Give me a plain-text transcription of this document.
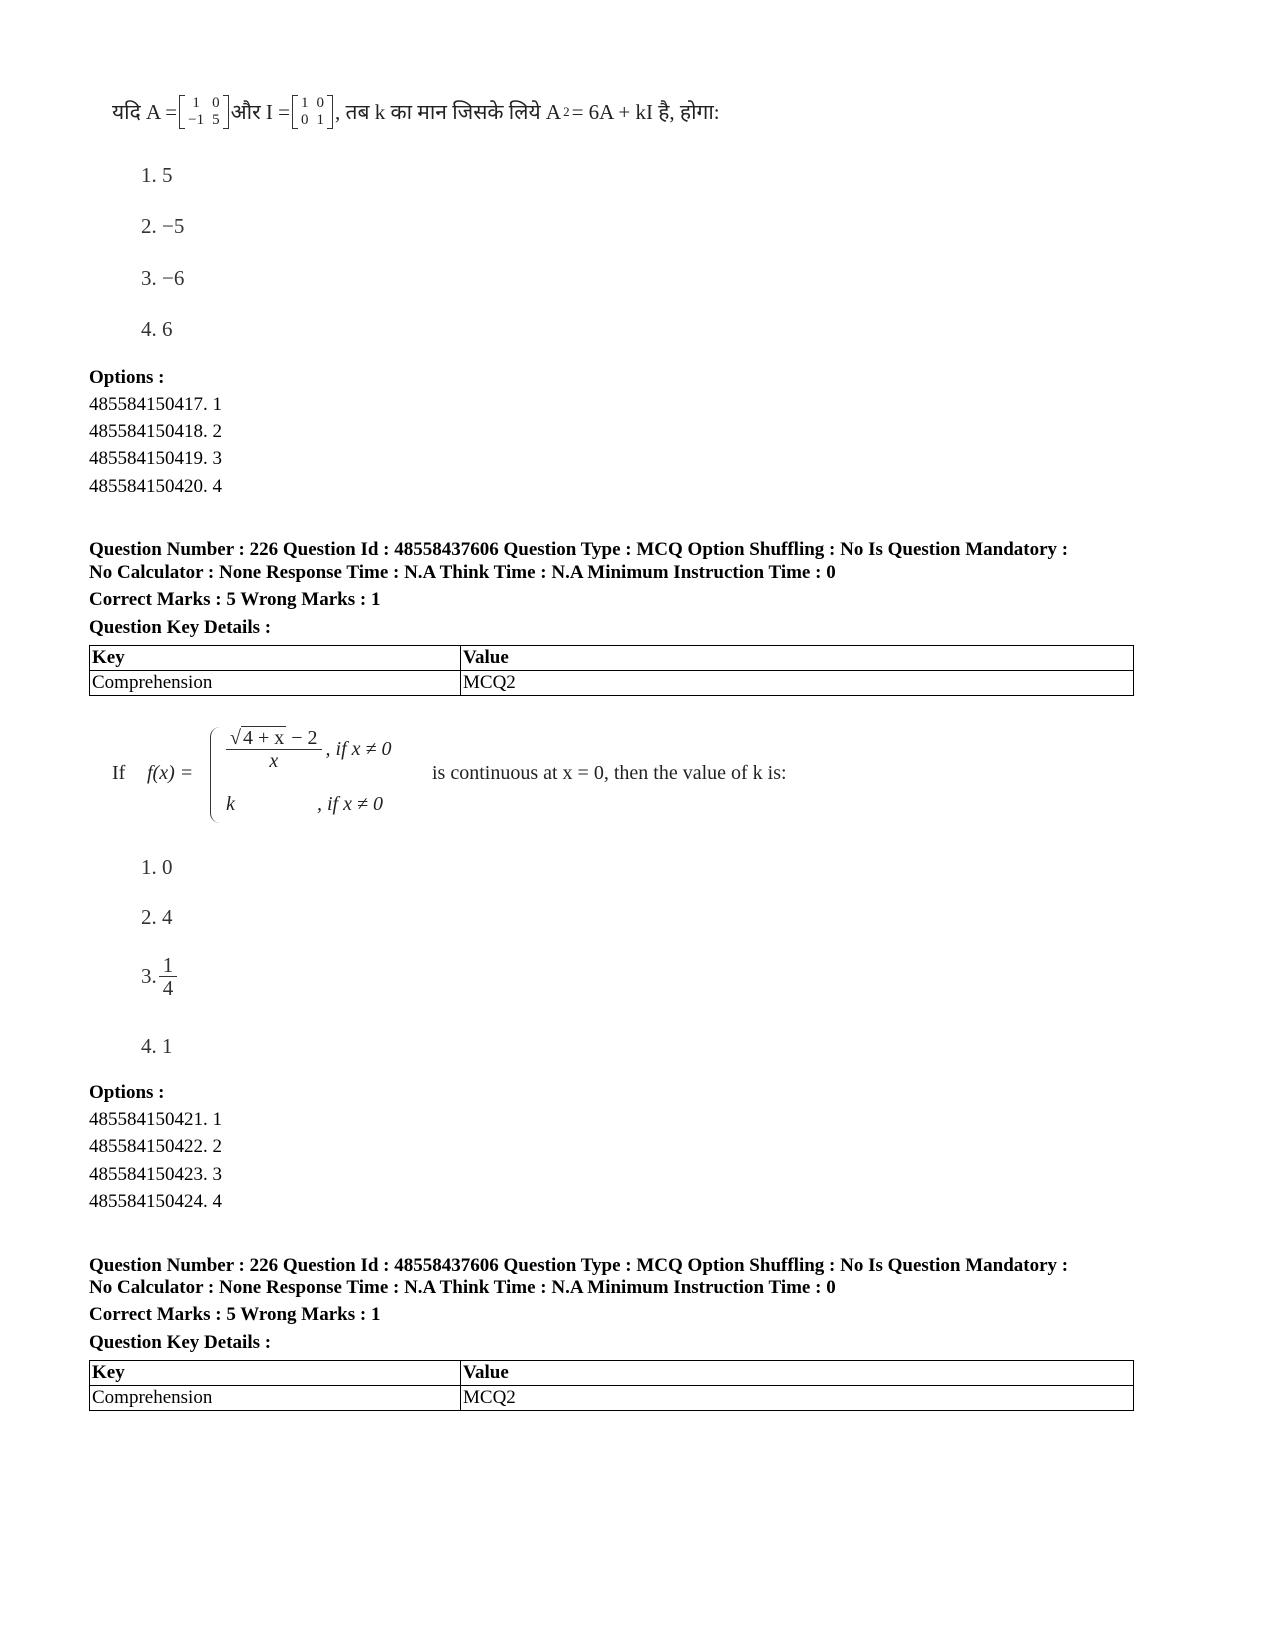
यदि A = 1	0
−1	5 और I = 1	0
0	1 , तब k का मान जिसके लिये A 2 = 6A + kI है, होगा:
1. 5
2. −5
3. −6
4. 6
Options :
485584150417. 1
485584150418. 2
485584150419. 3
485584150420. 4
Question Number : 226 Question Id : 48558437606 Question Type : MCQ Option Shuffling : No Is Question Mandatory :
No Calculator : None Response Time : N.A Think Time : N.A Minimum Instruction Time : 0
Correct Marks : 5 Wrong Marks : 1
Question Key Details :
Key	Value
Comprehension	MCQ2
If f(x) =
$\frac{√ 4 + x - 2}{x}$ , if x ≠ 0
k	, if x ≠ 0
is continuous at x = 0, then the value of k is:
1. 0
2. 4
3. $\frac{1}{4}$
4. 1
Options :
485584150421. 1
485584150422. 2
485584150423. 3
485584150424. 4
Question Number : 226 Question Id : 48558437606 Question Type : MCQ Option Shuffling : No Is Question Mandatory :
No Calculator : None Response Time : N.A Think Time : N.A Minimum Instruction Time : 0
Correct Marks : 5 Wrong Marks : 1
Question Key Details :
Key	Value
Comprehension	MCQ2
